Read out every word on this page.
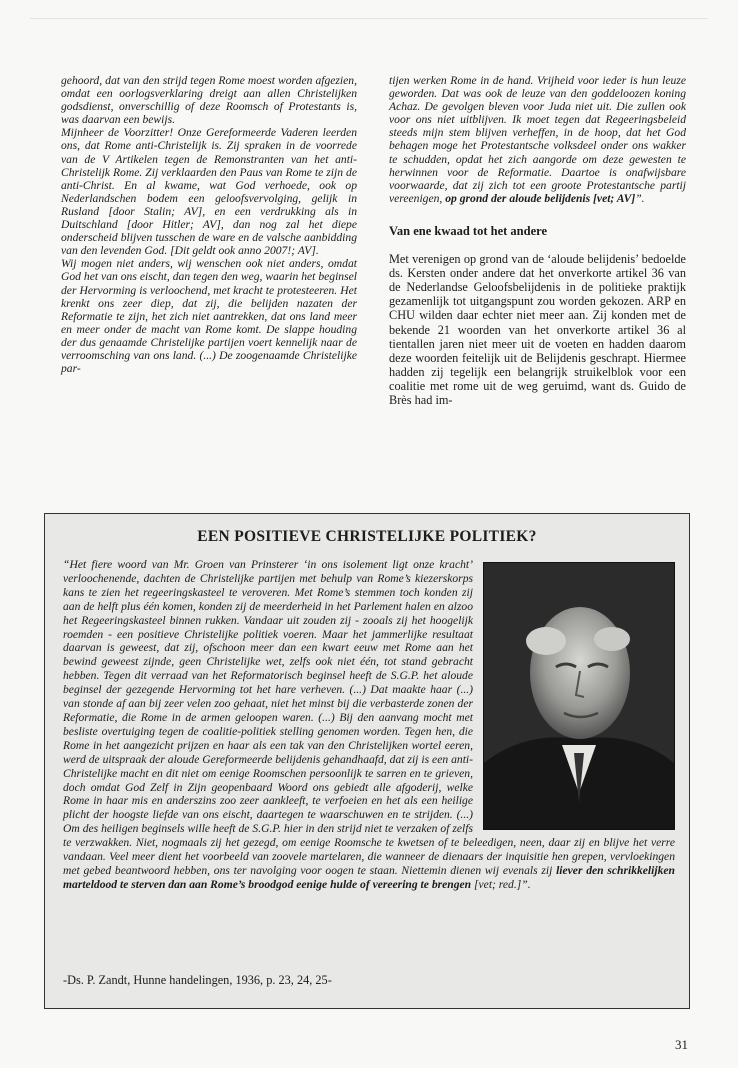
gehoord, dat van den strijd tegen Rome moest worden afgezien, omdat een oorlogsverklaring dreigt aan allen Christelijken godsdienst, onverschillig of deze Roomsch of Protestants is, was daarvan een bewijs.

Mijnheer de Voorzitter! Onze Gereformeerde Vaderen leerden ons, dat Rome anti-Christelijk is. Zij spraken in de voorrede van de V Artikelen tegen de Remonstranten van het anti-Christelijk Rome. Zij verklaarden den Paus van Rome te zijn de anti-Christ. En al kwame, wat God verhoede, ook op Nederlandschen bodem een geloofsvervolging, gelijk in Rusland [door Stalin; AV], en een verdrukking als in Duitschland [door Hitler; AV], dan nog zal het diepe onderscheid blijven tusschen de ware en de valsche aanbidding van den levenden God. [Dit geldt ook anno 2007!; AV].

Wij mogen niet anders, wij wenschen ook niet anders, omdat God het van ons eischt, dan tegen den weg, waarin het beginsel der Hervorming is verloochend, met kracht te protesteeren. Het krenkt ons zeer diep, dat zij, die belijden nazaten der Reformatie te zijn, het zich niet aantrekken, dat ons land meer en meer onder de macht van Rome komt. De slappe houding der dus genaamde Christelijke partijen voert kennelijk naar de verroomsching van ons land. (...) De zoogenaamde Christelijke par-

tijen werken Rome in de hand. Vrijheid voor ieder is hun leuze geworden. Dat was ook de leuze van den goddeloozen koning Achaz. De gevolgen bleven voor Juda niet uit. Die zullen ook voor ons niet uitblijven. Ik moet tegen dat Regeeringsbeleid steeds mijn stem blijven verheffen, in de hoop, dat het God behagen moge het Protestantsche volksdeel onder ons wakker te schudden, opdat het zich aangorde om deze gewesten te herwinnen voor de Reformatie. Daartoe is onafwijsbare voorwaarde, dat zij zich tot een groote Protestantsche partij vereenigen, op grond der aloude belijdenis [vet; AV]”.

Van ene kwaad tot het andere

Met verenigen op grond van de ‘aloude belijdenis’ bedoelde ds. Kersten onder andere dat het onverkorte artikel 36 van de Nederlandse Geloofsbelijdenis in de politieke praktijk gezamenlijk tot uitgangspunt zou worden gekozen. ARP en CHU wilden daar echter niet meer aan. Zij konden met de bekende 21 woorden van het onverkorte artikel 36 al tientallen jaren niet meer uit de voeten en hadden daarom deze woorden feitelijk uit de Belijdenis geschrapt. Hiermee hadden zij tegelijk een belangrijk struikelblok voor een coalitie met rome uit de weg geruimd, want ds. Guido de Brès had im-

EEN POSITIEVE CHRISTELIJKE POLITIEK?
“Het fiere woord van Mr. Groen van Prinsterer ‘in ons isolement ligt onze kracht’ verloochenende, dachten de Christelijke partijen met behulp van Rome’s kiezerskorps kans te zien het regeeringskasteel te veroveren. Met Rome’s stemmen toch konden zij aan de helft plus één komen, konden zij de meerderheid in het Parlement halen en alzoo het Regeeringskasteel binnen rukken. Vandaar uit zouden zij - zooals zij het hoogelijk roemden - een positieve Christelijke politiek voeren. Maar het jammerlijke resultaat daarvan is geweest, dat zij, ofschoon meer dan een kwart eeuw met Rome aan het bewind geweest zijnde, geen Christelijke wet, zelfs ook niet één, tot stand gebracht hebben. Tegen dit verraad van het Reformatorisch beginsel heeft de S.G.P. het aloude beginsel der gezegende Hervorming tot het hare verheven. (...) Dat maakte haar (...) van stonde af aan bij zeer velen zoo gehaat, niet het minst bij die verbasterde zonen der Reformatie, die Rome in de armen geloopen waren. (...) Bij den aanvang mocht met besliste overtuiging tegen de coalitie-politiek stelling genomen worden. Tegen hen, die Rome in het aangezicht prijzen en haar als een tak van den Christelijken wortel eeren, werd de uitspraak der aloude Gereformeerde belijdenis gehandhaafd, dat zij is een anti-Christelijke macht en dit niet om eenige Roomschen persoonlijk te sarren en te grieven, doch omdat God Zelf in Zijn geopenbaard Woord ons gebiedt alle afgoderij, welke Rome in haar mis en anderszins zoo zeer aankleeft, te verfoeien en het als een heilige plicht der hoogste liefde van ons eischt, daartegen te waarschuwen en te strijden. (...) Om des heiligen beginsels wille heeft de S.G.P. hier in den strijd niet te verzaken of zelfs te verzwakken. Niet, nogmaals zij het gezegd, om eenige Roomsche te kwetsen of te beleedigen, neen, daar zij en blijve het verre vandaan. Veel meer dient het voorbeeld van zoovele martelaren, die wanneer de dienaars der inquisitie hen grepen, vervloekingen met gebed beantwoord hebben, ons ter navolging voor oogen te staan. Niettemin dienen wij evenals zij liever den schrikkelijken marteldood te sterven dan aan Rome’s broodgod eenige hulde of vereering te brengen [vet; red.]”.
-Ds. P. Zandt, Hunne handelingen, 1936, p. 23, 24, 25-
31
